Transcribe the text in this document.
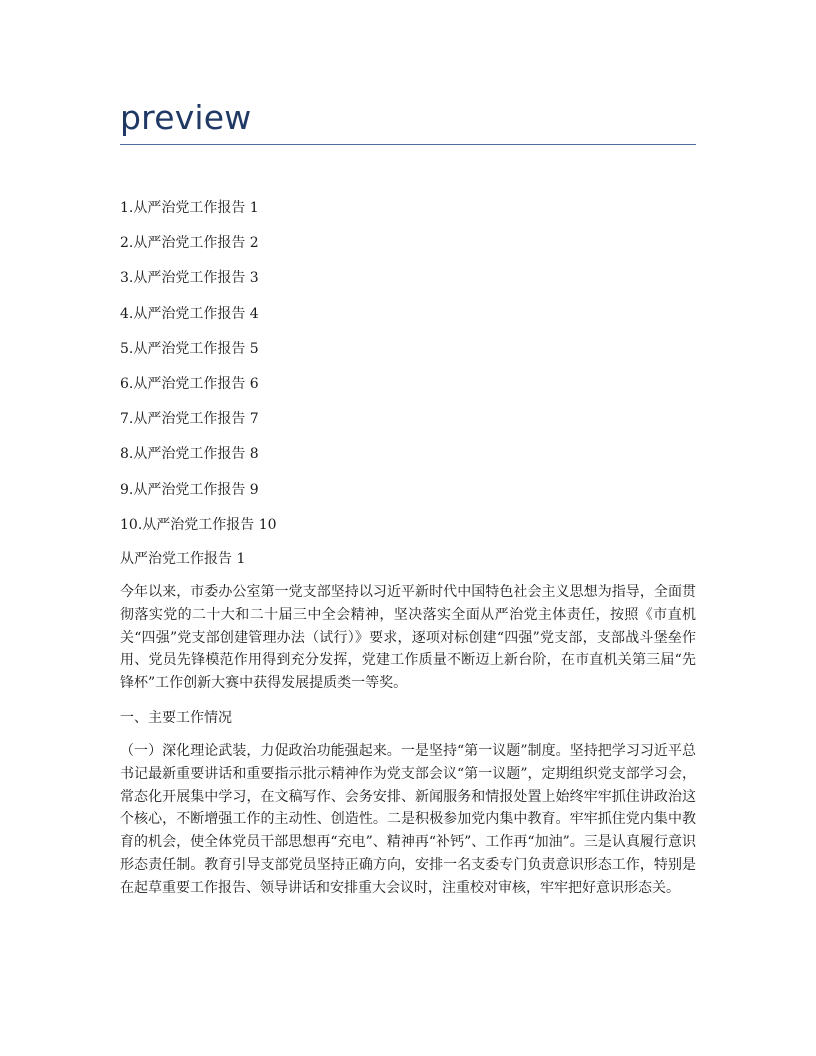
preview
1.从严治党工作报告 1
2.从严治党工作报告 2
3.从严治党工作报告 3
4.从严治党工作报告 4
5.从严治党工作报告 5
6.从严治党工作报告 6
7.从严治党工作报告 7
8.从严治党工作报告 8
9.从严治党工作报告 9
10.从严治党工作报告 10

从严治党工作报告 1

今年以来，市委办公室第一党支部坚持以习近平新时代中国特色社会主义思想为指导，全面贯彻落实党的二十大和二十届三中全会精神，坚决落实全面从严治党主体责任，按照《市直机关“四强”党支部创建管理办法（试行）》要求，逐项对标创建“四强”党支部，支部战斗堡垒作用、党员先锋模范作用得到充分发挥，党建工作质量不断迈上新台阶，在市直机关第三届“先锋杯”工作创新大赛中获得发展提质类一等奖。

一、主要工作情况

（一）深化理论武装，力促政治功能强起来。一是坚持“第一议题”制度。坚持把学习习近平总书记最新重要讲话和重要指示批示精神作为党支部会议“第一议题”，定期组织党支部学习会，常态化开展集中学习，在文稿写作、会务安排、新闻服务和情报处置上始终牢牢抓住讲政治这个核心，不断增强工作的主动性、创造性。二是积极参加党内集中教育。牢牢抓住党内集中教育的机会，使全体党员干部思想再“充电”、精神再“补钙”、工作再“加油”。三是认真履行意识形态责任制。教育引导支部党员坚持正确方向，安排一名支委专门负责意识形态工作，特别是在起草重要工作报告、领导讲话和安排重大会议时，注重校对审核，牢牢把好意识形态关。
